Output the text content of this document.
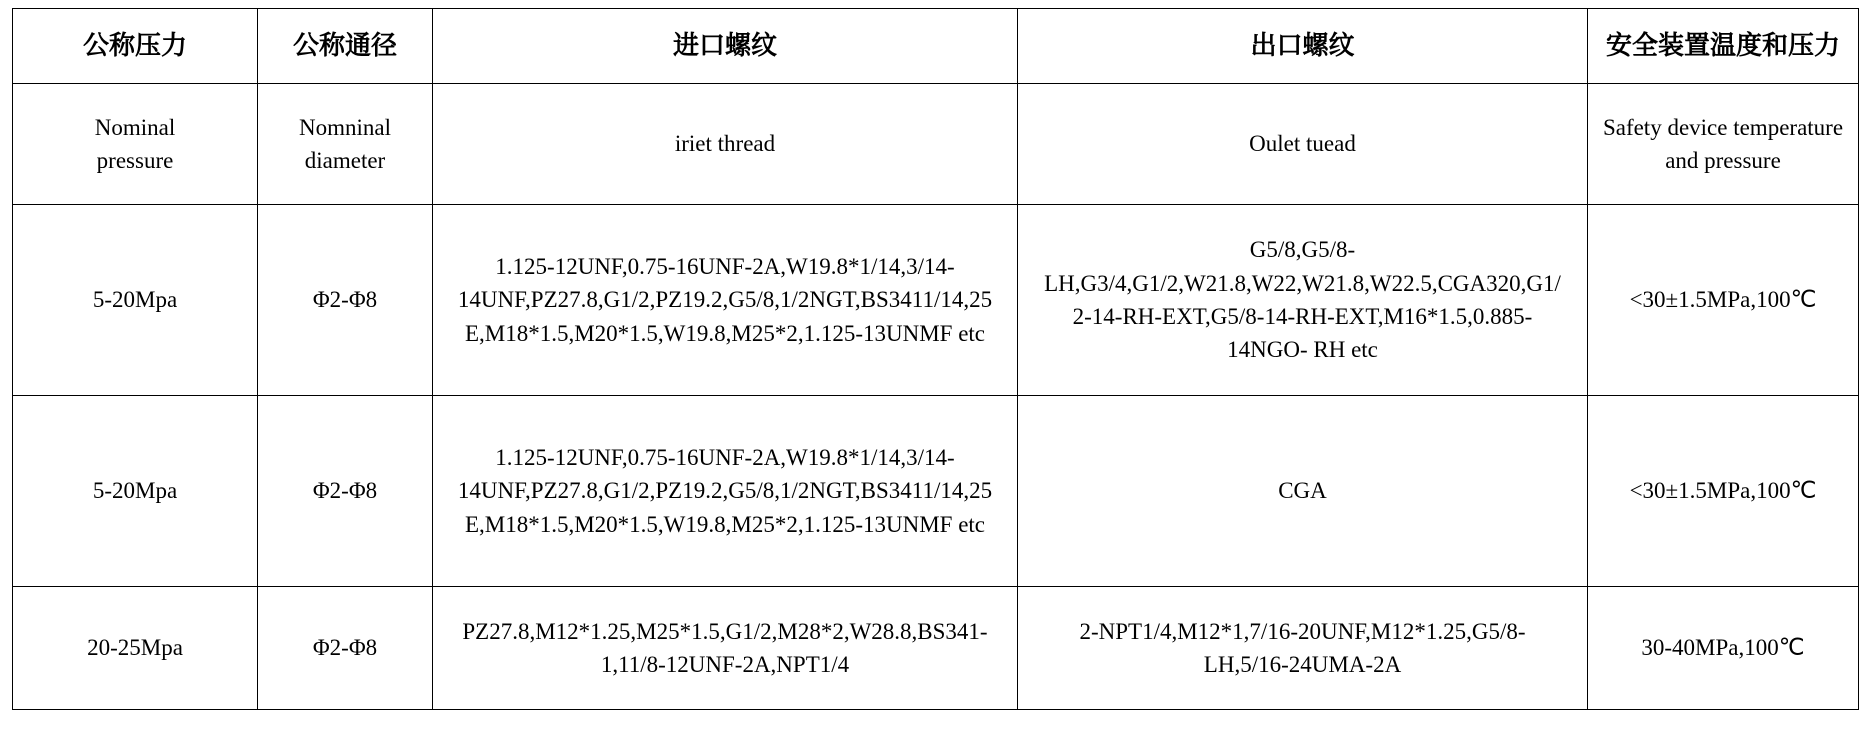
公称压力	公称通径	进口螺纹	出口螺纹	安全装置温度和压力

Nominal pressure	Nomninal diameter	iriet thread	Oulet tuead	Safety device temperature and pressure

5-20Mpa	Φ2-Φ8	1.125-12UNF,0.75-16UNF-2A,W19.8*1/14,3/14-14UNF,PZ27.8,G1/2,PZ19.2,G5/8,1/2NGT,BS3411/14,25E,M18*1.5,M20*1.5,W19.8,M25*2,1.125-13UNMF etc	G5/8,G5/8-LH,G3/4,G1/2,W21.8,W22,W21.8,W22.5,CGA320,G1/2-14-RH-EXT,G5/8-14-RH-EXT,M16*1.5,0.885-14NGO- RH etc	<30±1.5MPa,100℃
5-20Mpa	Φ2-Φ8	1.125-12UNF,0.75-16UNF-2A,W19.8*1/14,3/14-14UNF,PZ27.8,G1/2,PZ19.2,G5/8,1/2NGT,BS3411/14,25E,M18*1.5,M20*1.5,W19.8,M25*2,1.125-13UNMF etc	CGA	<30±1.5MPa,100℃
20-25Mpa	Φ2-Φ8	PZ27.8,M12*1.25,M25*1.5,G1/2,M28*2,W28.8,BS341-1,11/8-12UNF-2A,NPT1/4	2-NPT1/4,M12*1,7/16-20UNF,M12*1.25,G5/8-LH,5/16-24UMA-2A	30-40MPa,100℃
